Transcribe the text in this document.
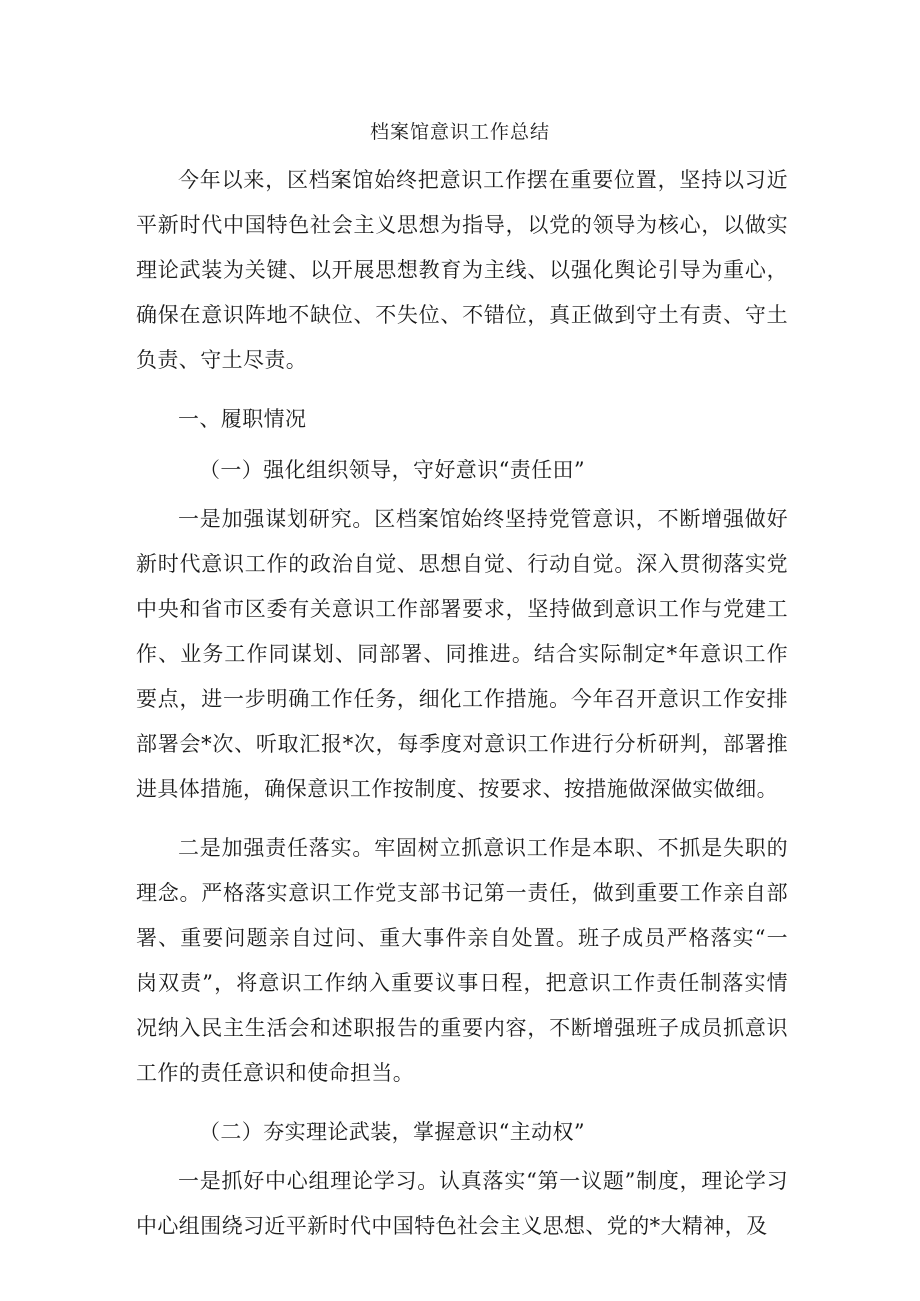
档案馆意识工作总结

今年以来，区档案馆始终把意识工作摆在重要位置，坚持以习近平新时代中国特色社会主义思想为指导，以党的领导为核心，以做实理论武装为关键、以开展思想教育为主线、以强化舆论引导为重心，确保在意识阵地不缺位、不失位、不错位，真正做到守土有责、守土负责、守土尽责。

一、履职情况

（一）强化组织领导，守好意识“责任田”

一是加强谋划研究。区档案馆始终坚持党管意识，不断增强做好新时代意识工作的政治自觉、思想自觉、行动自觉。深入贯彻落实党中央和省市区委有关意识工作部署要求，坚持做到意识工作与党建工作、业务工作同谋划、同部署、同推进。结合实际制定*年意识工作要点，进一步明确工作任务，细化工作措施。今年召开意识工作安排部署会*次、听取汇报*次，每季度对意识工作进行分析研判，部署推进具体措施，确保意识工作按制度、按要求、按措施做深做实做细。

二是加强责任落实。牢固树立抓意识工作是本职、不抓是失职的理念。严格落实意识工作党支部书记第一责任，做到重要工作亲自部署、重要问题亲自过问、重大事件亲自处置。班子成员严格落实“一岗双责”，将意识工作纳入重要议事日程，把意识工作责任制落实情况纳入民主生活会和述职报告的重要内容，不断增强班子成员抓意识工作的责任意识和使命担当。

（二）夯实理论武装，掌握意识“主动权”

一是抓好中心组理论学习。认真落实“第一议题”制度，理论学习中心组围绕习近平新时代中国特色社会主义思想、党的*大精神，及
